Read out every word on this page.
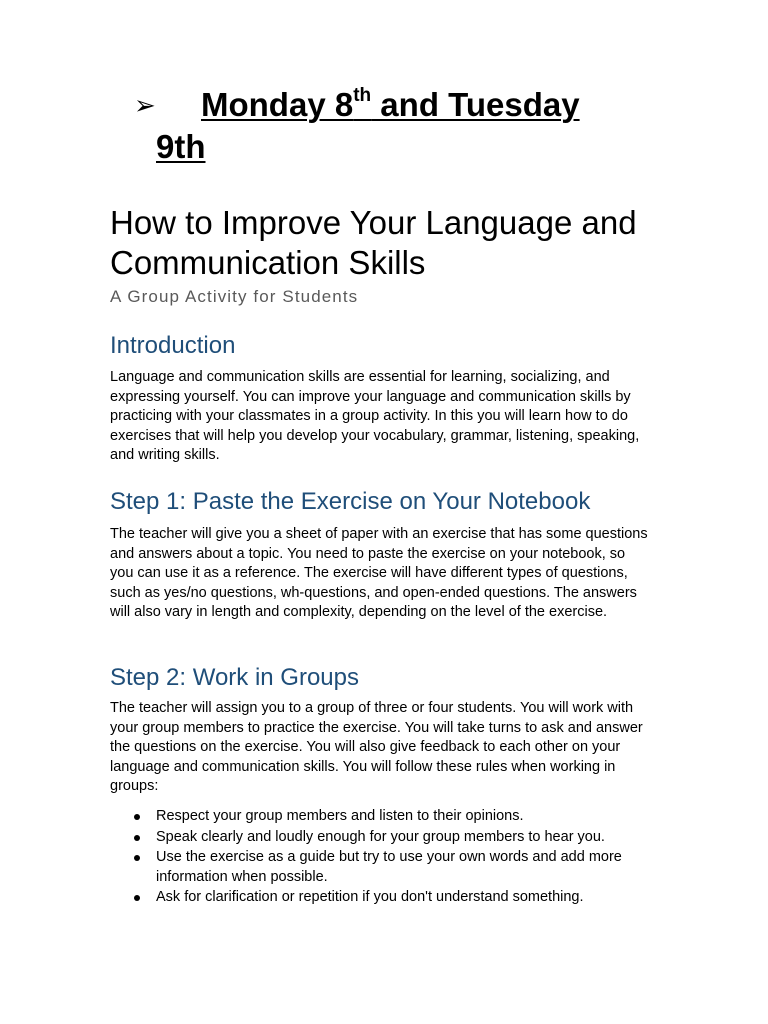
➢ Monday 8th and Tuesday
9th
How to Improve Your Language and Communication Skills

A Group Activity for Students

Introduction

Language and communication skills are essential for learning, socializing, and expressing yourself. You can improve your language and communication skills by practicing with your classmates in a group activity. In this you will learn how to do exercises that will help you develop your vocabulary, grammar, listening, speaking, and writing skills.

Step 1: Paste the Exercise on Your Notebook

The teacher will give you a sheet of paper with an exercise that has some questions and answers about a topic. You need to paste the exercise on your notebook, so you can use it as a reference. The exercise will have different types of questions, such as yes/no questions, wh-questions, and open-ended questions. The answers will also vary in length and complexity, depending on the level of the exercise.

Step 2: Work in Groups

The teacher will assign you to a group of three or four students. You will work with your group members to practice the exercise. You will take turns to ask and answer the questions on the exercise. You will also give feedback to each other on your language and communication skills. You will follow these rules when working in groups:

Respect your group members and listen to their opinions.
Speak clearly and loudly enough for your group members to hear you.
Use the exercise as a guide but try to use your own words and add more information when possible.
Ask for clarification or repetition if you don't understand something.
